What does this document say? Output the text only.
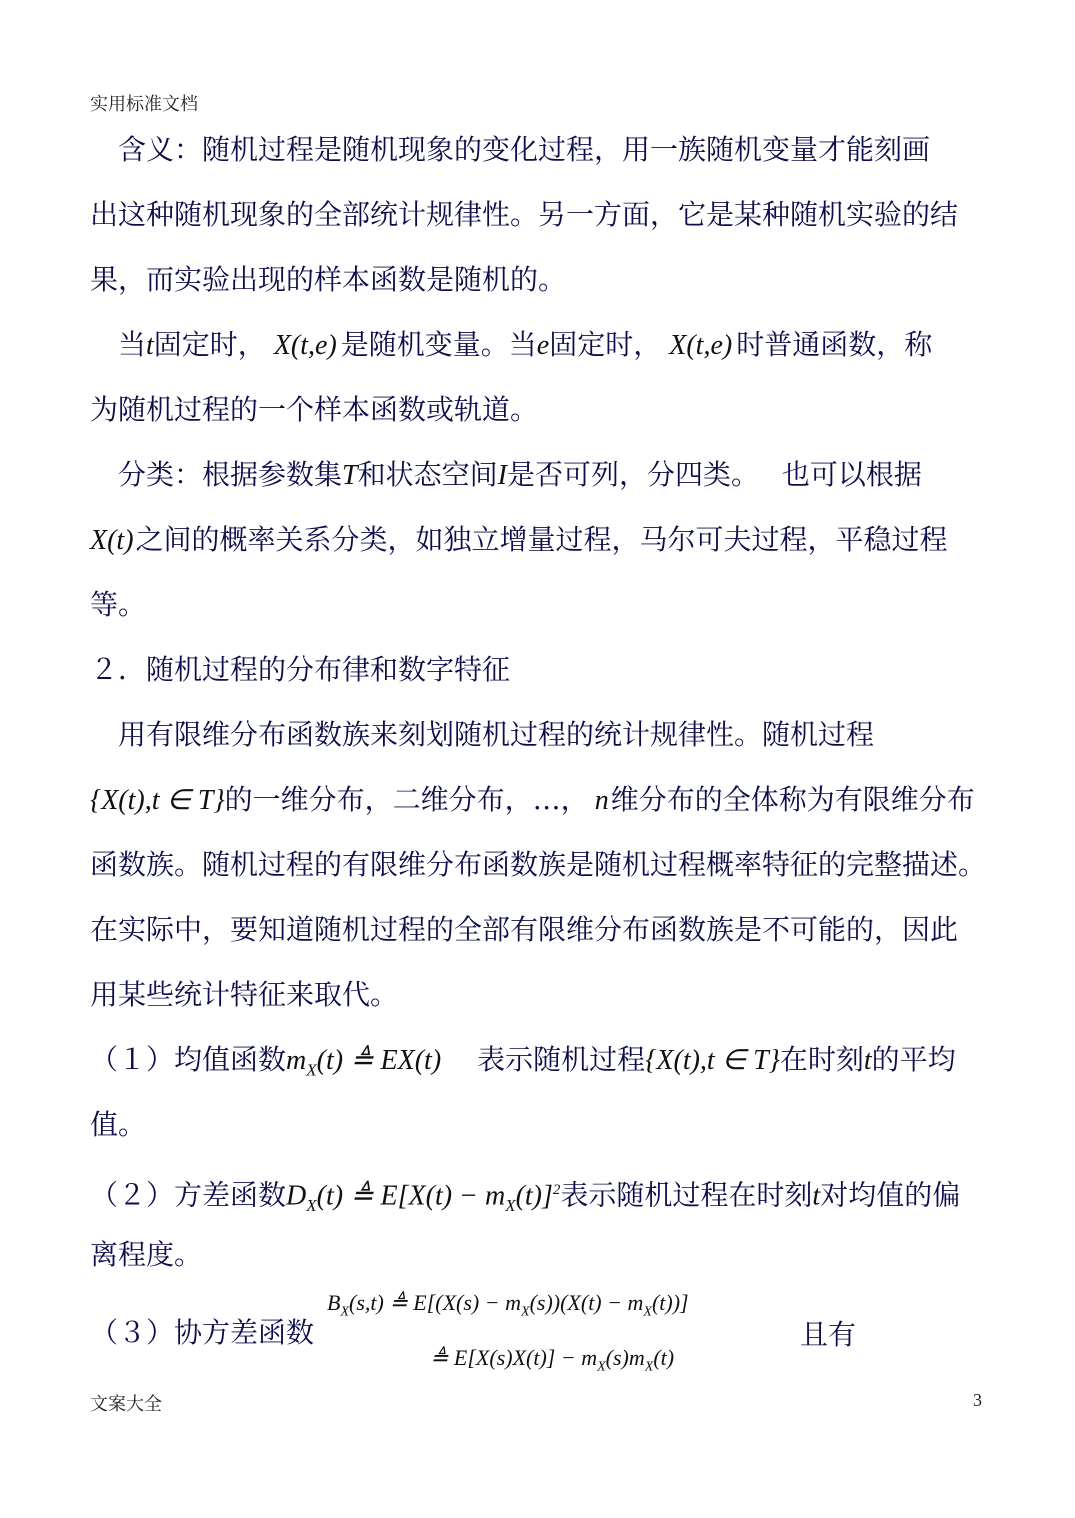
实用标准文档
　含义：随机过程是随机现象的变化过程，用一族随机变量才能刻画
出这种随机现象的全部统计规律性。另一方面，它是某种随机实验的结
果，而实验出现的样本函数是随机的。
　当t固定时， X(t,e) 是随机变量。当e固定时， X(t,e) 时普通函数，称
为随机过程的一个样本函数或轨道。
　分类：根据参数集T和状态空间I是否可列，分四类。　 也可以根据
X(t)之间的概率关系分类，如独立增量过程，马尔可夫过程，平稳过程
等。
２．随机过程的分布律和数字特征
　用有限维分布函数族来刻划随机过程的统计规律性。随机过程
{X(t),t ∈ T}的一维分布，二维分布，…， n维分布的全体称为有限维分布
函数族。随机过程的有限维分布函数族是随机过程概率特征的完整描述。
在实际中，要知道随机过程的全部有限维分布函数族是不可能的，因此
用某些统计特征来取代。
（１）均值函数$m_X(t)$ ≜ EX(t)　表示随机过程{X(t),t ∈ T}在时刻t的平均
值。
（２）方差函数$D_X(t)$ ≜ $E[X(t) - m_X(t)]^2$表示随机过程在时刻t对均值的偏
离程度。
（３）协方差函数
$B_X(s,t)$ ≜ $E[(X(s) - m_X(s))(X(t) - m_X(t))]$
≜ $E[X(s)X(t)] - m_X(s)m_X(t)$
且有
文案大全	3
